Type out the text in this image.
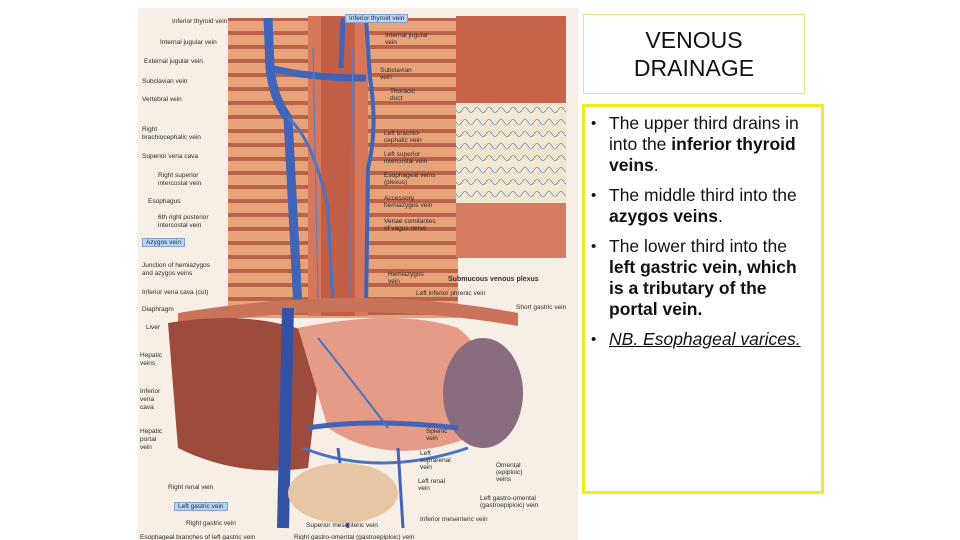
Inferior thyroid vein
Internal jugular vein
External jugular vein
Subclavian vein
Vertebral vein
Right
brachiocephalic vein
Superior vena cava
Right superior
intercostal vein
Esophagus
6th right posterior
intercostal vein
Azygos vein
Junction of hemiazygos
and azygos veins
Inferior vena cava (cut)
Diaphragm
Liver
Hepatic
veins
Inferior
vena
cava
Hepatic
portal
vein
Right renal vein
Left gastric vein
Right gastric vein
Esophageal branches of left gastric vein
Inferior thyroid vein
Internal jugular
vein
Subclavian
vein
Thoracic
duct
Left brachio-
cephalic vein
Left superior
intercostal vein
Esophageal veins
(plexus)
Accessory
hemiazygos vein
Venae comitantes
of vagus nerve
Hemiazygos
vein	Submucous venous plexus
Left inferior phrenic vein
Short gastric vein
Splenic
vein
Left
suprarenal
vein
Left renal
vein
Omental
(epiploic)
veins
Left gastro-omental
(gastroepiploic) vein
Superior mesenteric vein
Inferior mesenteric vein
Right gastro-omental (gastroepiploic) vein
VENOUS DRAINAGE
• The upper third drains in into the inferior thyroid veins.
• The middle third into the azygos veins.
• The lower third into the left gastric vein, which is a tributary of the portal vein.
• NB. Esophageal varices.
